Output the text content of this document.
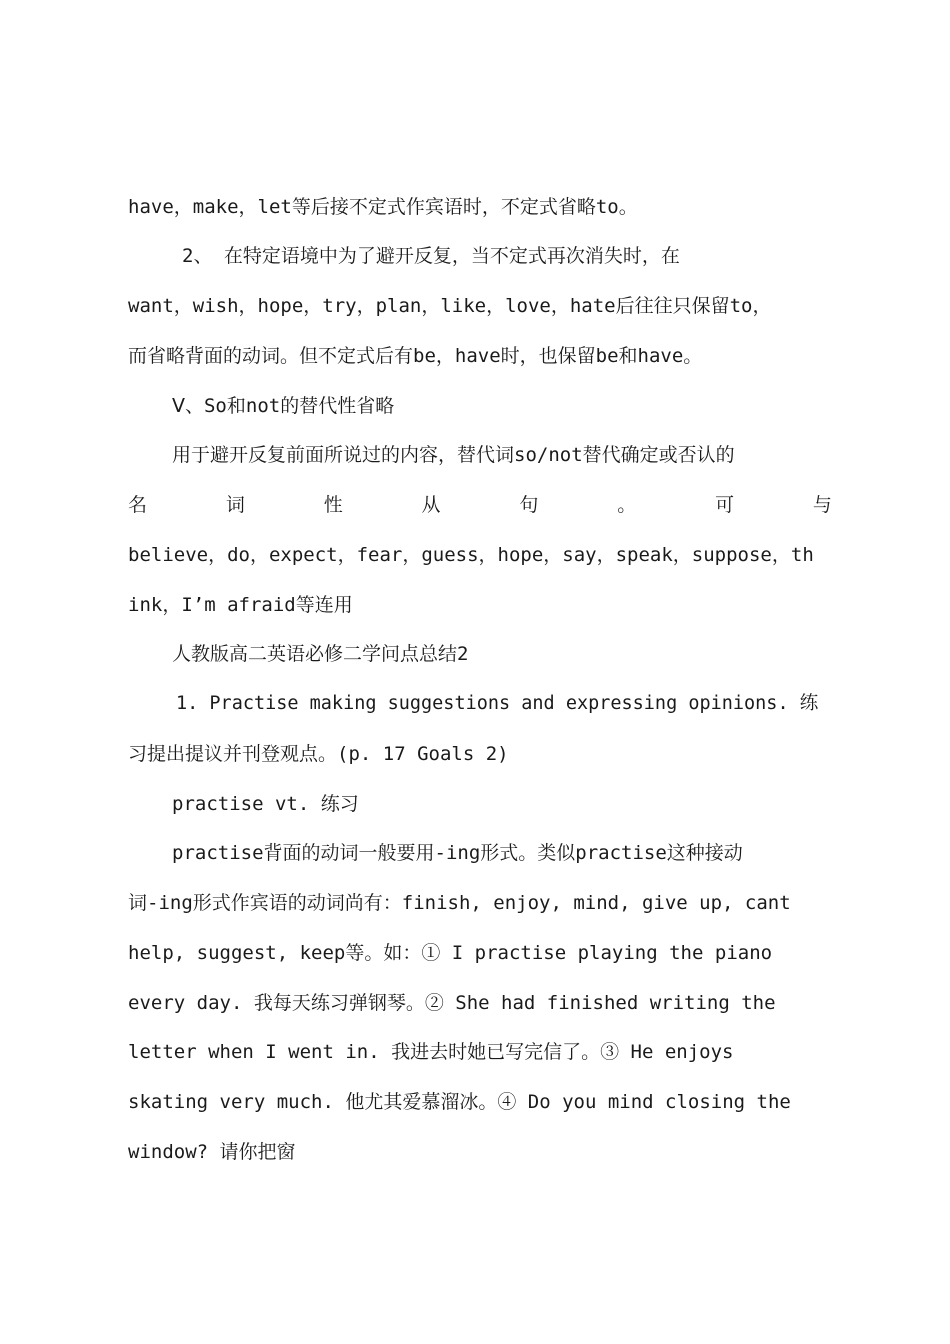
have，make，let等后接不定式作宾语时，不定式省略to。
2、 在特定语境中为了避开反复，当不定式再次消失时，在
want，wish，hope，try，plan，like，love，hate后往往只保留to，
而省略背面的动词。但不定式后有be，have时，也保留be和have。
Ⅴ、So和not的替代性省略
用于避开反复前面所说过的内容，替代词so/not替代确定或否认的
名	词	性	从	句	。	可	与
believe，do，expect，fear，guess，hope，say，speak，suppose，th
ink，I’m afraid等连用
人教版高二英语必修二学问点总结2
1. Practise making suggestions and expressing opinions. 练
习提出提议并刊登观点。(p. 17 Goals 2)
practise vt. 练习
practise背面的动词一般要用-ing形式。类似practise这种接动
词-ing形式作宾语的动词尚有：finish, enjoy, mind, give up, cant
help, suggest, keep等。如：① I practise playing the piano
every day. 我每天练习弹钢琴。② She had finished writing the
letter when I went in. 我进去时她已写完信了。③ He enjoys
skating very much. 他尤其爱慕溜冰。④ Do you mind closing the
window? 请你把窗
